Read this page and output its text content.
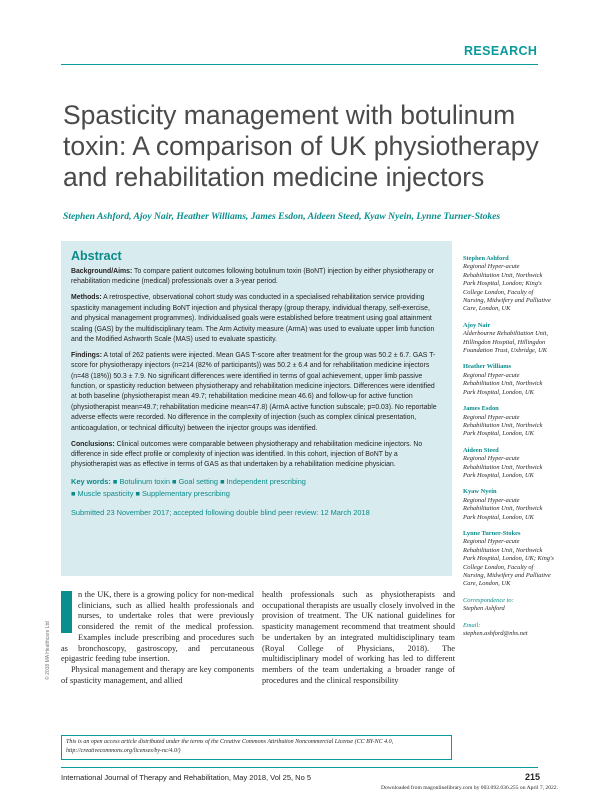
RESEARCH
Spasticity management with botulinum toxin: A comparison of UK physiotherapy and rehabilitation medicine injectors
Stephen Ashford, Ajoy Nair, Heather Williams, James Esdon, Aideen Steed, Kyaw Nyein, Lynne Turner-Stokes
Abstract

Background/Aims: To compare patient outcomes following botulinum toxin (BoNT) injection by either physiotherapy or rehabilitation medicine (medical) professionals over a 3-year period.

Methods: A retrospective, observational cohort study was conducted in a specialised rehabilitation service providing spasticity management including BoNT injection and physical therapy (group therapy, individual therapy, self-exercise, and physical management programmes). Individualised goals were established before treatment using goal attainment scaling (GAS) by the multidisciplinary team. The Arm Activity measure (ArmA) was used to evaluate upper limb function and the Modified Ashworth Scale (MAS) used to evaluate spasticity.

Findings: A total of 262 patients were injected. Mean GAS T-score after treatment for the group was 50.2 ± 6.7. GAS T-score for physiotherapy injectors (n=214 (82% of participants)) was 50.2 ± 6.4 and for rehabilitation medicine injectors (n=48 (18%)) 50.3 ± 7.9. No significant differences were identified in terms of goal achievement, upper limb passive function, or spasticity reduction between physiotherapy and rehabilitation medicine injectors. Differences were identified at both baseline (physiotherapist mean 49.7; rehabilitation medicine mean 46.6) and follow-up for active function (physiotherapist mean=49.7; rehabilitation medicine mean=47.8) (ArmA active function subscale; p=0.03). No reportable adverse effects were recorded. No difference in the complexity of injection (such as complex clinical presentation, anticoagulation, or technical difficulty) between the injector groups was identified.

Conclusions: Clinical outcomes were comparable between physiotherapy and rehabilitation medicine injectors. No difference in side effect profile or complexity of injection was identified. In this cohort, injection of BoNT by a physiotherapist was as effective in terms of GAS as that undertaken by a rehabilitation medicine physician.

Key words: ■ Botulinum toxin ■ Goal setting ■ Independent prescribing
■ Muscle spasticity ■ Supplementary prescribing
Submitted 23 November 2017; accepted following double blind peer review: 12 March 2018
Stephen Ashford
Regional Hyper-acute Rehabilitation Unit, Northwick Park Hospital, London; King's College London, Faculty of Nursing, Midwifery and Palliative Care, London, UK
Ajoy Nair
Alderbourne Rehabilitation Unit, Hillingdon Hospital, Hillingdon Foundation Trust, Uxbridge, UK
Heather Williams
Regional Hyper-acute Rehabilitation Unit, Northwick Park Hospital, London, UK
James Esdon
Regional Hyper-acute Rehabilitation Unit, Northwick Park Hospital, London, UK
Aideen Steed
Regional Hyper-acute Rehabilitation Unit, Northwick Park Hospital, London, UK
Kyaw Nyein
Regional Hyper-acute Rehabilitation Unit, Northwick Park Hospital, London, UK
Lynne Turner-Stokes
Regional Hyper-acute Rehabilitation Unit, Northwick Park Hospital, London, UK; King's College London, Faculty of Nursing, Midwifery and Palliative Care, London, UK
Correspondence to:
Stephen Ashford
Email:
stephen.ashford@nhs.net

n the UK, there is a growing policy for non-medical clinicians, such as allied health professionals and nurses, to undertake roles that were previously considered the remit of the medical profession. Examples include prescribing and procedures such as bronchoscopy, gastroscopy, and percutaneous epigastric feeding tube insertion.

Physical management and therapy are key components of spasticity management, and allied

health professionals such as physiotherapists and occupational therapists are usually closely involved in the provision of treatment. The UK national guidelines for spasticity management recommend that treatment should be undertaken by an integrated multidisciplinary team (Royal College of Physicians, 2018). The multidisciplinary model of working has led to different members of the team undertaking a broader range of procedures and the clinical responsibility

© 2018 MA Healthcare Ltd
This is an open access article distributed under the terms of the Creative Commons Attribution Noncommercial License (CC BY-NC 4.0, http://creativecommons.org/licenses/by-nc/4.0/)
International Journal of Therapy and Rehabilitation, May 2018, Vol 25, No 5	215
Downloaded from magonlinelibrary.com by 003.092.036.255 on April 7, 2022.
